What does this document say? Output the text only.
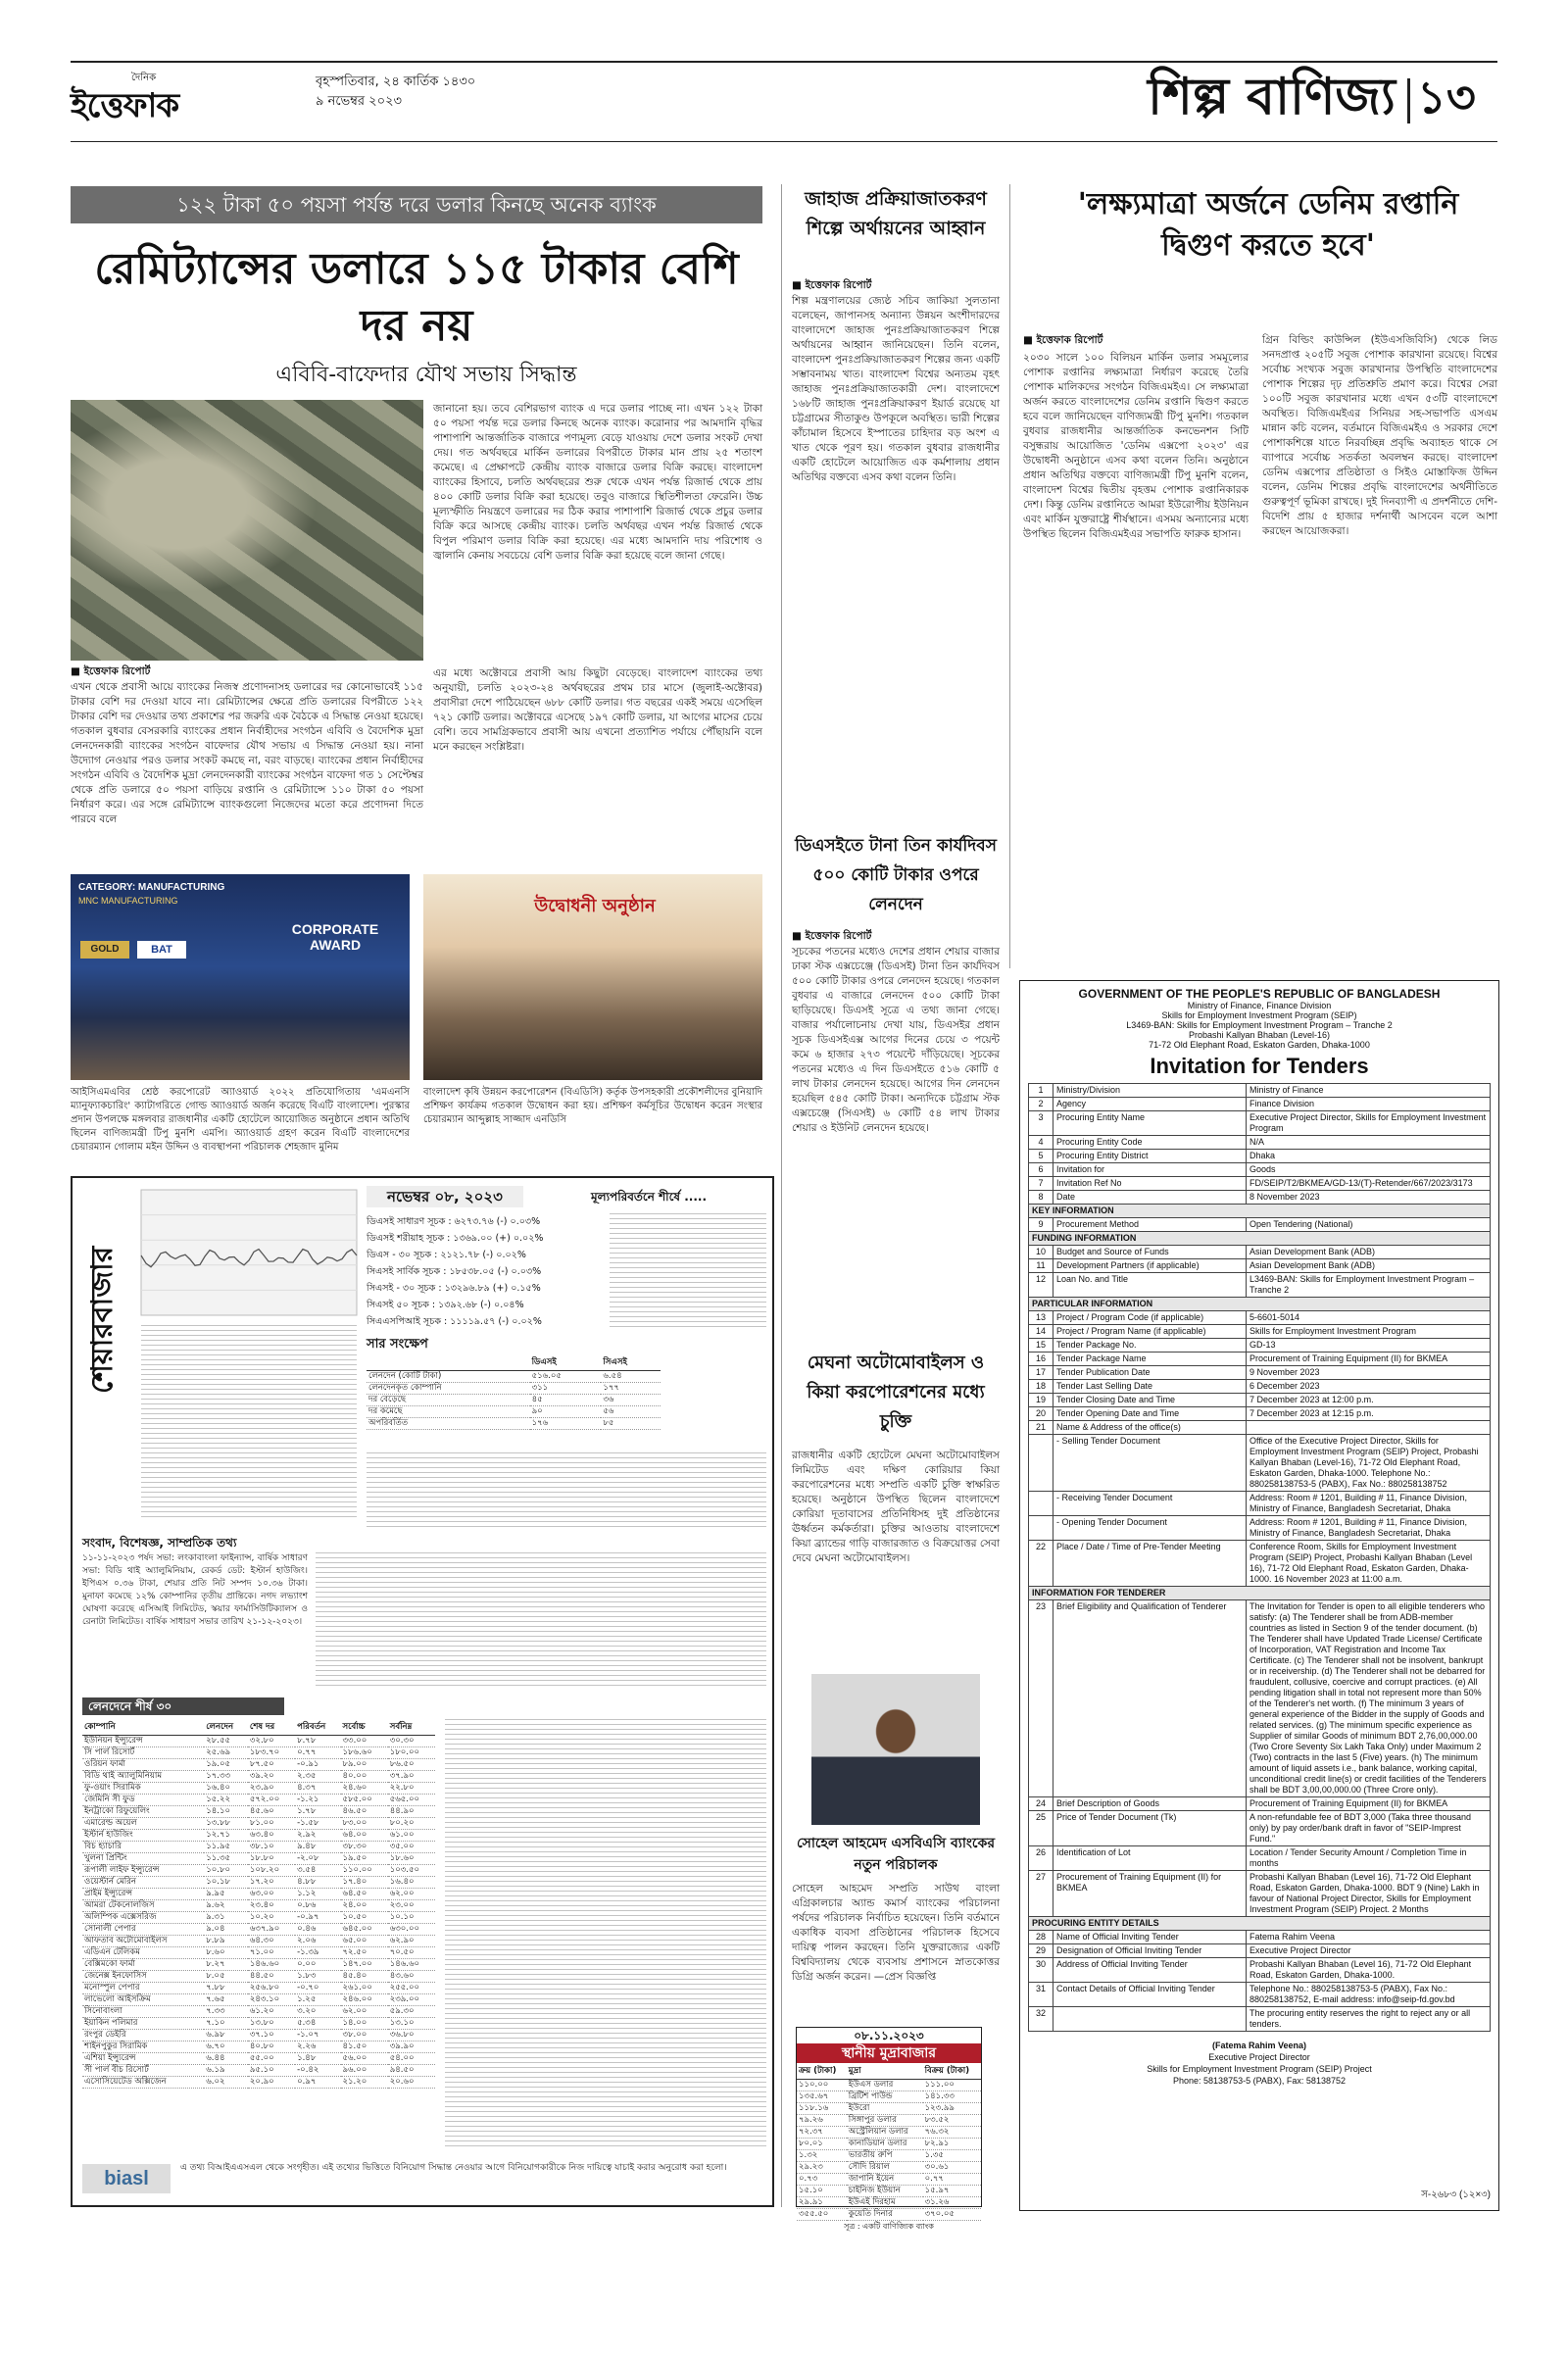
দৈনিক
ইত্তেফাক
বৃহস্পতিবার, ২৪ কার্তিক ১৪৩০
৯ নভেম্বর ২০২৩	শিল্প বাণিজ্য ১৩
১২২ টাকা ৫০ পয়সা পর্যন্ত দরে ডলার কিনছে অনেক ব্যাংক
রেমিট্যান্সের ডলারে ১১৫ টাকার বেশি দর নয়
এবিবি-বাফেদার যৌথ সভায় সিদ্ধান্ত
জানানো হয়। তবে বেশিরভাগ ব্যাংক এ দরে ডলার পাচ্ছে না। এখন ১২২ টাকা ৫০ পয়সা পর্যন্ত দরে ডলার কিনছে অনেক ব্যাংক। করোনার পর আমদানি বৃদ্ধির পাশাপাশি আন্তর্জাতিক বাজারে পণ্যমূল্য বেড়ে যাওয়ায় দেশে ডলার সংকট দেখা দেয়। গত অর্থবছরে মার্কিন ডলারের বিপরীতে টাকার মান প্রায় ২৫ শতাংশ কমেছে। এ প্রেক্ষাপটে কেন্দ্রীয় ব্যাংক বাজারে ডলার বিক্রি করছে। বাংলাদেশ ব্যাংকের হিসাবে, চলতি অর্থবছরের শুরু থেকে এখন পর্যন্ত রিজার্ভ থেকে প্রায় ৪০০ কোটি ডলার বিক্রি করা হয়েছে। তবুও বাজারে স্থিতিশীলতা ফেরেনি। উচ্চ মূল্যস্ফীতি নিয়ন্ত্রণে ডলারের দর ঠিক করার পাশাপাশি রিজার্ভ থেকে প্রচুর ডলার বিক্রি করে আসছে কেন্দ্রীয় ব্যাংক। চলতি অর্থবছর এখন পর্যন্ত রিজার্ভ থেকে বিপুল পরিমাণ ডলার বিক্রি করা হয়েছে। এর মধ্যে আমদানি দায় পরিশোধ ও জ্বালানি কেনায় সবচেয়ে বেশি ডলার বিক্রি করা হয়েছে বলে জানা গেছে।
■ ইত্তেফাক রিপোর্ট
এখন থেকে প্রবাসী আয়ে ব্যাংকের নিজস্ব প্রণোদনাসহ ডলারের দর কোনোভাবেই ১১৫ টাকার বেশি দর দেওয়া যাবে না। রেমিট্যান্সের ক্ষেত্রে প্রতি ডলারের বিপরীতে ১২২ টাকার বেশি দর দেওয়ার তথ্য প্রকাশের পর জরুরি এক বৈঠকে এ সিদ্ধান্ত নেওয়া হয়েছে। গতকাল বুধবার বেসরকারি ব্যাংকের প্রধান নির্বাহীদের সংগঠন এবিবি ও বৈদেশিক মুদ্রা লেনদেনকারী ব্যাংকের সংগঠন বাফেদার যৌথ সভায় এ সিদ্ধান্ত নেওয়া হয়। নানা উদ্যোগ নেওয়ার পরও ডলার সংকট কমছে না, বরং বাড়ছে। ব্যাংকের প্রধান নির্বাহীদের সংগঠন এবিবি ও বৈদেশিক মুদ্রা লেনদেনকারী ব্যাংকের সংগঠন বাফেদা গত ১ সেপ্টেম্বর থেকে প্রতি ডলারে ৫০ পয়সা বাড়িয়ে রপ্তানি ও রেমিট্যান্সে ১১০ টাকা ৫০ পয়সা নির্ধারণ করে। এর সঙ্গে রেমিট্যান্সে ব্যাংকগুলো নিজেদের মতো করে প্রণোদনা দিতে পারবে বলে
এর মধ্যে অক্টোবরে প্রবাসী আয় কিছুটা বেড়েছে। বাংলাদেশ ব্যাংকের তথ্য অনুযায়ী, চলতি ২০২৩-২৪ অর্থবছরের প্রথম চার মাসে (জুলাই-অক্টোবর) প্রবাসীরা দেশে পাঠিয়েছেন ৬৮৮ কোটি ডলার। গত বছরের একই সময়ে এসেছিল ৭২১ কোটি ডলার। অক্টোবরে এসেছে ১৯৭ কোটি ডলার, যা আগের মাসের চেয়ে বেশি। তবে সামগ্রিকভাবে প্রবাসী আয় এখনো প্রত্যাশিত পর্যায়ে পৌঁছায়নি বলে মনে করছেন সংশ্লিষ্টরা।
CATEGORY: MANUFACTURING
MNC MANUFACTURING
GOLD	BAT
CORPORATE AWARD
উদ্বোধনী অনুষ্ঠান
আইসিএমএবির শ্রেষ্ঠ করপোরেট অ্যাওয়ার্ড ২০২২ প্রতিযোগিতায় 'এমএনসি ম্যানুফ্যাকচারিং' ক্যাটাগরিতে গোল্ড অ্যাওয়ার্ড অর্জন করেছে বিএটি বাংলাদেশ। পুরস্কার প্রদান উপলক্ষে মঙ্গলবার রাজধানীর একটি হোটেলে আয়োজিত অনুষ্ঠানে প্রধান অতিথি ছিলেন বাণিজ্যমন্ত্রী টিপু মুনশি এমপি। অ্যাওয়ার্ড গ্রহণ করেন বিএটি বাংলাদেশের চেয়ারম্যান গোলাম মইন উদ্দিন ও ব্যবস্থাপনা পরিচালক শেহজাদ মুনিম
বাংলাদেশ কৃষি উন্নয়ন করপোরেশন (বিএডিসি) কর্তৃক উপসহকারী প্রকৌশলীদের বুনিয়াদি প্রশিক্ষণ কার্যক্রম গতকাল উদ্বোধন করা হয়। প্রশিক্ষণ কর্মসূচির উদ্বোধন করেন সংস্থার চেয়ারম্যান আব্দুল্লাহ সাজ্জাদ এনডিসি
শেয়ারবাজার
নভেম্বর ০৮, ২০২৩	মূল্যপরিবর্তনে শীর্ষে .....
ডিএসই সাধারণ সূচক : ৬২৭৩.৭৬ (-) ০.০৩%
ডিএসই শরীয়াহ সূচক : ১৩৬৯.০০ (+) ০.০২%
ডিএস - ৩০ সূচক : ২১২১.৭৮ (-) ০.০২%
সিএসই সার্বিক সূচক : ১৮৫৩৮.০৫ (-) ০.০৩%
সিএসই - ৩০ সূচক : ১৩২৯৬.৮৯ (+) ০.১৫%
সিএসই ৫০ সূচক : ১৩৯২.৬৮ (-) ০.০৪%
সিএএসপিআই সূচক : ১১১১৯.৫৭ (-) ০.০২%
সার সংক্ষেপ
	ডিএসই	সিএসই
লেনদেন (কোটি টাকা)	৫১৬.০৫	৬.৫৪
লেনদেনকৃত কোম্পানি	৩১১	১৭৭
দর বেড়েছে	৪৫	৩৬
দর কমেছে	৯০	৫৬
অপরিবর্তিত	১৭৬	৮৫
সংবাদ, বিশেষজ্ঞ, সাম্প্রতিক তথ্য
১১-১১-২০২৩ পর্ষদ সভা: লংকাবাংলা ফাইন্যান্স, বার্ষিক সাধারণ সভা: বিডি থাই অ্যালুমিনিয়াম, রেকর্ড ডেট: ইস্টার্ন হাউজিং। ইপিএস ০.৩৬ টাকা, শেয়ার প্রতি নিট সম্পদ ১০.৩৬ টাকা। মুনাফা কমেছে ১২% কোম্পানির তৃতীয় প্রান্তিকে। নগদ লভ্যাংশ ঘোষণা করেছে এসিআই লিমিটেড, স্কয়ার ফার্মাসিউটিক্যালস ও রেনাটা লিমিটেড। বার্ষিক সাধারণ সভার তারিখ ২১-১২-২০২৩।
লেনদেনে শীর্ষ ৩০
কোম্পানি	লেনদেন	শেষ দর	পরিবর্তন	সর্বোচ্চ	সর্বনিম্ন
ইউনিয়ন ইন্স্যুরেন্স	২৮.৫৫	৩২.৮০	৮.৭৮	৩৩.০০	৩০.৩০
সি পার্ল রিসোর্ট	২৫.৬৯	১৮৩.৭০	০.৭৭	১৮৬.৬০	১৮০.০০
ওরিয়ন ফার্মা	১৯.০৫	৮৭.৫০	-০.৯১	৮৯.০০	৮৬.৫০
বিডি থাই অ্যালুমিনিয়াম	১৭.৩৩	৩৯.২০	২.৩৫	৪০.০০	৩৭.৯০
ফু-ওয়াং সিরামিক	১৬.৪০	২৩.৯০	৪.৩৭	২৪.৬০	২২.৮০
জেমিনি সী ফুড	১৫.২২	৫৭২.০০	-১.২১	৫৮৫.০০	৫৬৫.০০
ইনট্রাকো রিফুয়েলিং	১৪.১০	৪৫.৬০	১.৭৮	৪৬.৫০	৪৪.৯০
এমারেল্ড অয়েল	১৩.৮৮	৮১.০০	-১.৫৮	৮৩.০০	৮০.২০
ইস্টার্ন হাউজিং	১২.৭১	৬৩.৪০	২.৯২	৬৪.০০	৬১.০০
বিচ হ্যাচারি	১১.৯৫	৩৮.১০	৯.৪৮	৩৮.৩০	৩৫.০০
খুলনা প্রিন্টিং	১১.৩৫	১৮.৮০	-২.০৮	১৯.৫০	১৮.৬০
রূপালী লাইফ ইন্স্যুরেন্স	১০.৮০	১০৮.২০	৩.৫৪	১১০.০০	১০৩.৫০
ওয়েস্টার্ন মেরিন	১০.১৮	১৭.২০	৪.৮৮	১৭.৪০	১৬.৪০
প্রাইম ইন্স্যুরেন্স	৯.৯৫	৬৩.০০	১.১২	৬৪.৫০	৬২.০০
আমরা টেকনোলজিস	৯.৬২	২৩.৪০	০.৮৬	২৪.০০	২৩.০০
অলিম্পিক এক্সেসরিজ	৯.৩১	১০.২০	-০.৯৭	১০.৫০	১০.১০
সোনালী পেপার	৯.০৪	৬৩৭.৯০	০.৪৬	৬৪৫.০০	৬৩০.০০
আফতাব অটোমোবাইলস	৮.৮৯	৬৪.৩০	২.০৬	৬৫.০০	৬২.৯০
এডিএন টেলিকম	৮.৬০	৭১.০০	-১.৩৯	৭২.৫০	৭০.৫০
বেক্সিমকো ফার্মা	৮.২৭	১৪৬.৬০	০.০০	১৪৭.০০	১৪৬.৬০
জেনেক্স ইনফোসিস	৮.০৫	৪৪.৫০	১.৮৩	৪৫.৪০	৪৩.৬০
মনোস্পুল পেপার	৭.৮৮	২৫৬.৮০	-০.৭০	২৬১.০০	২৫৫.০০
লাভেলো আইসক্রিম	৭.৬৫	২৪৩.১০	১.২৫	২৪৬.০০	২৩৯.০০
সিনোবাংলা	৭.৩৩	৬১.২০	৩.২০	৬২.০০	৫৯.৩০
ইয়াকিন পলিমার	৭.১০	১৩.৮০	৫.৩৪	১৪.০০	১৩.১০
রংপুর ডেইরি	৬.৯৮	৩৭.১০	-১.০৭	৩৮.০০	৩৬.৮০
শাইনপুকুর সিরামিক	৬.৭০	৪০.৮০	২.২৬	৪১.৫০	৩৯.৯০
এশিয়া ইন্স্যুরেন্স	৬.৪৪	৫৫.০০	১.৪৮	৫৬.০০	৫৪.০০
সী পার্ল বীচ রিসোর্ট	৬.১৯	৯৫.১০	-০.৪২	৯৬.০০	৯৪.৫০
এসোসিয়েটেড অক্সিজেন	৬.০২	২০.৯০	০.৯৭	২১.২০	২০.৬০
biasl	এ তথ্য বিআইএএসএল থেকে সংগৃহীত। এই তথ্যের ভিত্তিতে বিনিয়োগ সিদ্ধান্ত নেওয়ার আগে বিনিয়োগকারীকে নিজ দায়িত্বে যাচাই করার অনুরোধ করা হলো।
জাহাজ প্রক্রিয়াজাতকরণ শিল্পে অর্থায়নের আহ্বান
■ ইত্তেফাক রিপোর্ট
শিল্প মন্ত্রণালয়ের জ্যেষ্ঠ সচিব জাকিয়া সুলতানা বলেছেন, জাপানসহ অন্যান্য উন্নয়ন অংশীদারদের বাংলাদেশে জাহাজ পুনঃপ্রক্রিয়াজাতকরণ শিল্পে অর্থায়নের আহ্বান জানিয়েছেন। তিনি বলেন, বাংলাদেশ পুনঃপ্রক্রিয়াজাতকরণ শিল্পের জন্য একটি সম্ভাবনাময় খাত। বাংলাদেশ বিশ্বের অন্যতম বৃহৎ জাহাজ পুনঃপ্রক্রিয়াজাতকারী দেশ। বাংলাদেশে ১৬৮টি জাহাজ পুনঃপ্রক্রিয়াকরণ ইয়ার্ড রয়েছে যা চট্টগ্রামের সীতাকুণ্ড উপকূলে অবস্থিত। ভারী শিল্পের কাঁচামাল হিসেবে ইস্পাতের চাহিদার বড় অংশ এ খাত থেকে পূরণ হয়। গতকাল বুধবার রাজধানীর একটি হোটেলে আয়োজিত এক কর্মশালায় প্রধান অতিথির বক্তব্যে এসব কথা বলেন তিনি।
ডিএসইতে টানা তিন কার্যদিবস ৫০০ কোটি টাকার ওপরে লেনদেন
■ ইত্তেফাক রিপোর্ট
সূচকের পতনের মধ্যেও দেশের প্রধান শেয়ার বাজার ঢাকা স্টক এক্সচেঞ্জে (ডিএসই) টানা তিন কার্যদিবস ৫০০ কোটি টাকার ওপরে লেনদেন হয়েছে। গতকাল বুধবার এ বাজারে লেনদেন ৫০০ কোটি টাকা ছাড়িয়েছে। ডিএসই সূত্রে এ তথ্য জানা গেছে। বাজার পর্যালোচনায় দেখা যায়, ডিএসইর প্রধান সূচক ডিএসইএক্স আগের দিনের চেয়ে ৩ পয়েন্ট কমে ৬ হাজার ২৭৩ পয়েন্টে দাঁড়িয়েছে। সূচকের পতনের মধ্যেও এ দিন ডিএসইতে ৫১৬ কোটি ৫ লাখ টাকার লেনদেন হয়েছে। আগের দিন লেনদেন হয়েছিল ৫৪৫ কোটি টাকা। অন্যদিকে চট্টগ্রাম স্টক এক্সচেঞ্জে (সিএসই) ৬ কোটি ৫৪ লাখ টাকার শেয়ার ও ইউনিট লেনদেন হয়েছে।
মেঘনা অটোমোবাইলস ও কিয়া করপোরেশনের মধ্যে চুক্তি
রাজধানীর একটি হোটেলে মেঘনা অটোমোবাইলস লিমিটেড এবং দক্ষিণ কোরিয়ার কিয়া করপোরেশনের মধ্যে সম্প্রতি একটি চুক্তি স্বাক্ষরিত হয়েছে। অনুষ্ঠানে উপস্থিত ছিলেন বাংলাদেশে কোরিয়া দূতাবাসের প্রতিনিধিসহ দুই প্রতিষ্ঠানের ঊর্ধ্বতন কর্মকর্তারা। চুক্তির আওতায় বাংলাদেশে কিয়া ব্র্যান্ডের গাড়ি বাজারজাত ও বিক্রয়োত্তর সেবা দেবে মেঘনা অটোমোবাইলস।
সোহেল আহমেদ এসবিএসি ব্যাংকের নতুন পরিচালক
সোহেল আহমেদ সম্প্রতি সাউথ বাংলা এগ্রিকালচার অ্যান্ড কমার্স ব্যাংকের পরিচালনা পর্ষদের পরিচালক নির্বাচিত হয়েছেন। তিনি বর্তমানে একাধিক ব্যবসা প্রতিষ্ঠানের পরিচালক হিসেবে দায়িত্ব পালন করছেন। তিনি যুক্তরাজ্যের একটি বিশ্ববিদ্যালয় থেকে ব্যবসায় প্রশাসনে স্নাতকোত্তর ডিগ্রি অর্জন করেন। —প্রেস বিজ্ঞপ্তি
০৮.১১.২০২৩
স্থানীয় মুদ্রাবাজার
ক্রয় (টাকা)	মুদ্রা	বিক্রয় (টাকা)
১১০.০০	ইউএস ডলার	১১১.০০
১৩৫.৬৭	ব্রিটিশ পাউন্ড	১৪১.৩৩
১১৮.১৬	ইউরো	১২৩.৯৯
৭৯.২৬	সিঙ্গাপুর ডলার	৮৩.৫২
৭২.৩৭	অস্ট্রেলিয়ান ডলার	৭৬.৩২
৮০.০১	কানাডিয়ান ডলার	৮২.৯১
১.৩২	ভারতীয় রুপি	১.৩৫
২৯.২৩	সৌদি রিয়াল	৩০.৬১
০.৭৩	জাপানি ইয়েন	০.৭৭
১৫.১০	চাইনিজ ইউয়ান	১৫.৯৭
২৯.৯১	ইউএই দিরহাম	৩১.২৬
৩৫৫.৫০	কুয়েতি দিনার	৩৭০.০৫
সূত্র : একটি বাণিজ্যিক ব্যাংক
'লক্ষ্যমাত্রা অর্জনে ডেনিম রপ্তানি দ্বিগুণ করতে হবে'
■ ইত্তেফাক রিপোর্ট
২০৩০ সালে ১০০ বিলিয়ন মার্কিন ডলার সমমূল্যের পোশাক রপ্তানির লক্ষ্যমাত্রা নির্ধারণ করেছে তৈরি পোশাক মালিকদের সংগঠন বিজিএমইএ। সে লক্ষ্যমাত্রা অর্জন করতে বাংলাদেশের ডেনিম রপ্তানি দ্বিগুণ করতে হবে বলে জানিয়েছেন বাণিজ্যমন্ত্রী টিপু মুনশি। গতকাল বুধবার রাজধানীর আন্তর্জাতিক কনভেনশন সিটি বসুন্ধরায় আয়োজিত 'ডেনিম এক্সপো ২০২৩' এর উদ্বোধনী অনুষ্ঠানে এসব কথা বলেন তিনি। অনুষ্ঠানে প্রধান অতিথির বক্তব্যে বাণিজ্যমন্ত্রী টিপু মুনশি বলেন, বাংলাদেশ বিশ্বের দ্বিতীয় বৃহত্তম পোশাক রপ্তানিকারক দেশ। কিন্তু ডেনিম রপ্তানিতে আমরা ইউরোপীয় ইউনিয়ন এবং মার্কিন যুক্তরাষ্ট্রে শীর্ষস্থানে। এসময় অন্যান্যের মধ্যে উপস্থিত ছিলেন বিজিএমইএর সভাপতি ফারুক হাসান।
গ্রিন বিল্ডিং কাউন্সিল (ইউএসজিবিসি) থেকে লিড সনদপ্রাপ্ত ২০৫টি সবুজ পোশাক কারখানা রয়েছে। বিশ্বের সর্বোচ্চ সংখ্যক সবুজ কারখানার উপস্থিতি বাংলাদেশের পোশাক শিল্পের দৃঢ় প্রতিশ্রুতি প্রমাণ করে। বিশ্বের সেরা ১০০টি সবুজ কারখানার মধ্যে এখন ৫৩টি বাংলাদেশে অবস্থিত। বিজিএমইএর সিনিয়র সহ-সভাপতি এসএম মান্নান কচি বলেন, বর্তমানে বিজিএমইএ ও সরকার দেশে পোশাকশিল্পে যাতে নিরবচ্ছিন্ন প্রবৃদ্ধি অব্যাহত থাকে সে ব্যাপারে সর্বোচ্চ সতর্কতা অবলম্বন করছে। বাংলাদেশ ডেনিম এক্সপোর প্রতিষ্ঠাতা ও সিইও মোস্তাফিজ উদ্দিন বলেন, ডেনিম শিল্পের প্রবৃদ্ধি বাংলাদেশের অর্থনীতিতে গুরুত্বপূর্ণ ভূমিকা রাখছে। দুই দিনব্যাপী এ প্রদর্শনীতে দেশি-বিদেশি প্রায় ৫ হাজার দর্শনার্থী আসবেন বলে আশা করছেন আয়োজকরা।
GOVERNMENT OF THE PEOPLE'S REPUBLIC OF BANGLADESH
Ministry of Finance, Finance Division
Skills for Employment Investment Program (SEIP)
L3469-BAN: Skills for Employment Investment Program – Tranche 2
Probashi Kallyan Bhaban (Level-16)
71-72 Old Elephant Road, Eskaton Garden, Dhaka-1000
Invitation for Tenders
1	Ministry/Division	Ministry of Finance
2	Agency	Finance Division
3	Procuring Entity Name	Executive Project Director, Skills for Employment Investment Program
4	Procuring Entity Code	N/A
5	Procuring Entity District	Dhaka
6	Invitation for	Goods
7	Invitation Ref No	FD/SEIP/T2/BKMEA/GD-13/(T)-Retender/667/2023/3173
8	Date	8 November 2023
KEY INFORMATION		
9	Procurement Method	Open Tendering (National)
FUNDING INFORMATION		
10	Budget and Source of Funds	Asian Development Bank (ADB)
11	Development Partners (if applicable)	Asian Development Bank (ADB)
12	Loan No. and Title	L3469-BAN: Skills for Employment Investment Program – Tranche 2
PARTICULAR INFORMATION		
13	Project / Program Code (if applicable)	5-6601-5014
14	Project / Program Name (if applicable)	Skills for Employment Investment Program
15	Tender Package No.	GD-13
16	Tender Package Name	Procurement of Training Equipment (II) for BKMEA
17	Tender Publication Date	9 November 2023
18	Tender Last Selling Date	6 December 2023
19	Tender Closing Date and Time	7 December 2023 at 12:00 p.m.
20	Tender Opening Date and Time	7 December 2023 at 12:15 p.m.
21	Name & Address of the office(s)	
	- Selling Tender Document	Office of the Executive Project Director, Skills for Employment Investment Program (SEIP) Project, Probashi Kallyan Bhaban (Level-16), 71-72 Old Elephant Road, Eskaton Garden, Dhaka-1000. Telephone No.: 880258138753-5 (PABX), Fax No.: 880258138752
	- Receiving Tender Document	Address: Room # 1201, Building # 11, Finance Division, Ministry of Finance, Bangladesh Secretariat, Dhaka
	- Opening Tender Document	Address: Room # 1201, Building # 11, Finance Division, Ministry of Finance, Bangladesh Secretariat, Dhaka
22	Place / Date / Time of Pre-Tender Meeting	Conference Room, Skills for Employment Investment Program (SEIP) Project, Probashi Kallyan Bhaban (Level 16), 71-72 Old Elephant Road, Eskaton Garden, Dhaka-1000. 16 November 2023 at 11:00 a.m.
INFORMATION FOR TENDERER		
23	Brief Eligibility and Qualification of Tenderer	The Invitation for Tender is open to all eligible tenderers who satisfy: (a) The Tenderer shall be from ADB-member countries as listed in Section 9 of the tender document. (b) The Tenderer shall have Updated Trade License/ Certificate of Incorporation, VAT Registration and Income Tax Certificate. (c) The Tenderer shall not be insolvent, bankrupt or in receivership. (d) The Tenderer shall not be debarred for fraudulent, collusive, coercive and corrupt practices. (e) All pending litigation shall in total not represent more than 50% of the Tenderer's net worth. (f) The minimum 3 years of general experience of the Bidder in the supply of Goods and related services. (g) The minimum specific experience as Supplier of similar Goods of minimum BDT 2,76,00,000.00 (Two Crore Seventy Six Lakh Taka Only) under Maximum 2 (Two) contracts in the last 5 (Five) years. (h) The minimum amount of liquid assets i.e., bank balance, working capital, unconditional credit line(s) or credit facilities of the Tenderers shall be BDT 3,00,00,000.00 (Three Crore only).
24	Brief Description of Goods	Procurement of Training Equipment (II) for BKMEA
25	Price of Tender Document (Tk)	A non-refundable fee of BDT 3,000 (Taka three thousand only) by pay order/bank draft in favor of "SEIP-Imprest Fund."
26	Identification of Lot	Location / Tender Security Amount / Completion Time in months
27	Procurement of Training Equipment (II) for BKMEA	Probashi Kallyan Bhaban (Level 16), 71-72 Old Elephant Road, Eskaton Garden, Dhaka-1000. BDT 9 (Nine) Lakh in favour of National Project Director, Skills for Employment Investment Program (SEIP) Project. 2 Months
PROCURING ENTITY DETAILS		
28	Name of Official Inviting Tender	Fatema Rahim Veena
29	Designation of Official Inviting Tender	Executive Project Director
30	Address of Official Inviting Tender	Probashi Kallyan Bhaban (Level 16), 71-72 Old Elephant Road, Eskaton Garden, Dhaka-1000.
31	Contact Details of Official Inviting Tender	Telephone No.: 880258138753-5 (PABX), Fax No.: 880258138752, E-mail address: info@seip-fd.gov.bd
32		The procuring entity reserves the right to reject any or all tenders.
(Fatema Rahim Veena)
Executive Project Director
Skills for Employment Investment Program (SEIP) Project
Phone: 58138753-5 (PABX), Fax: 58138752
স-২৬৮৩ (১২×৩)
